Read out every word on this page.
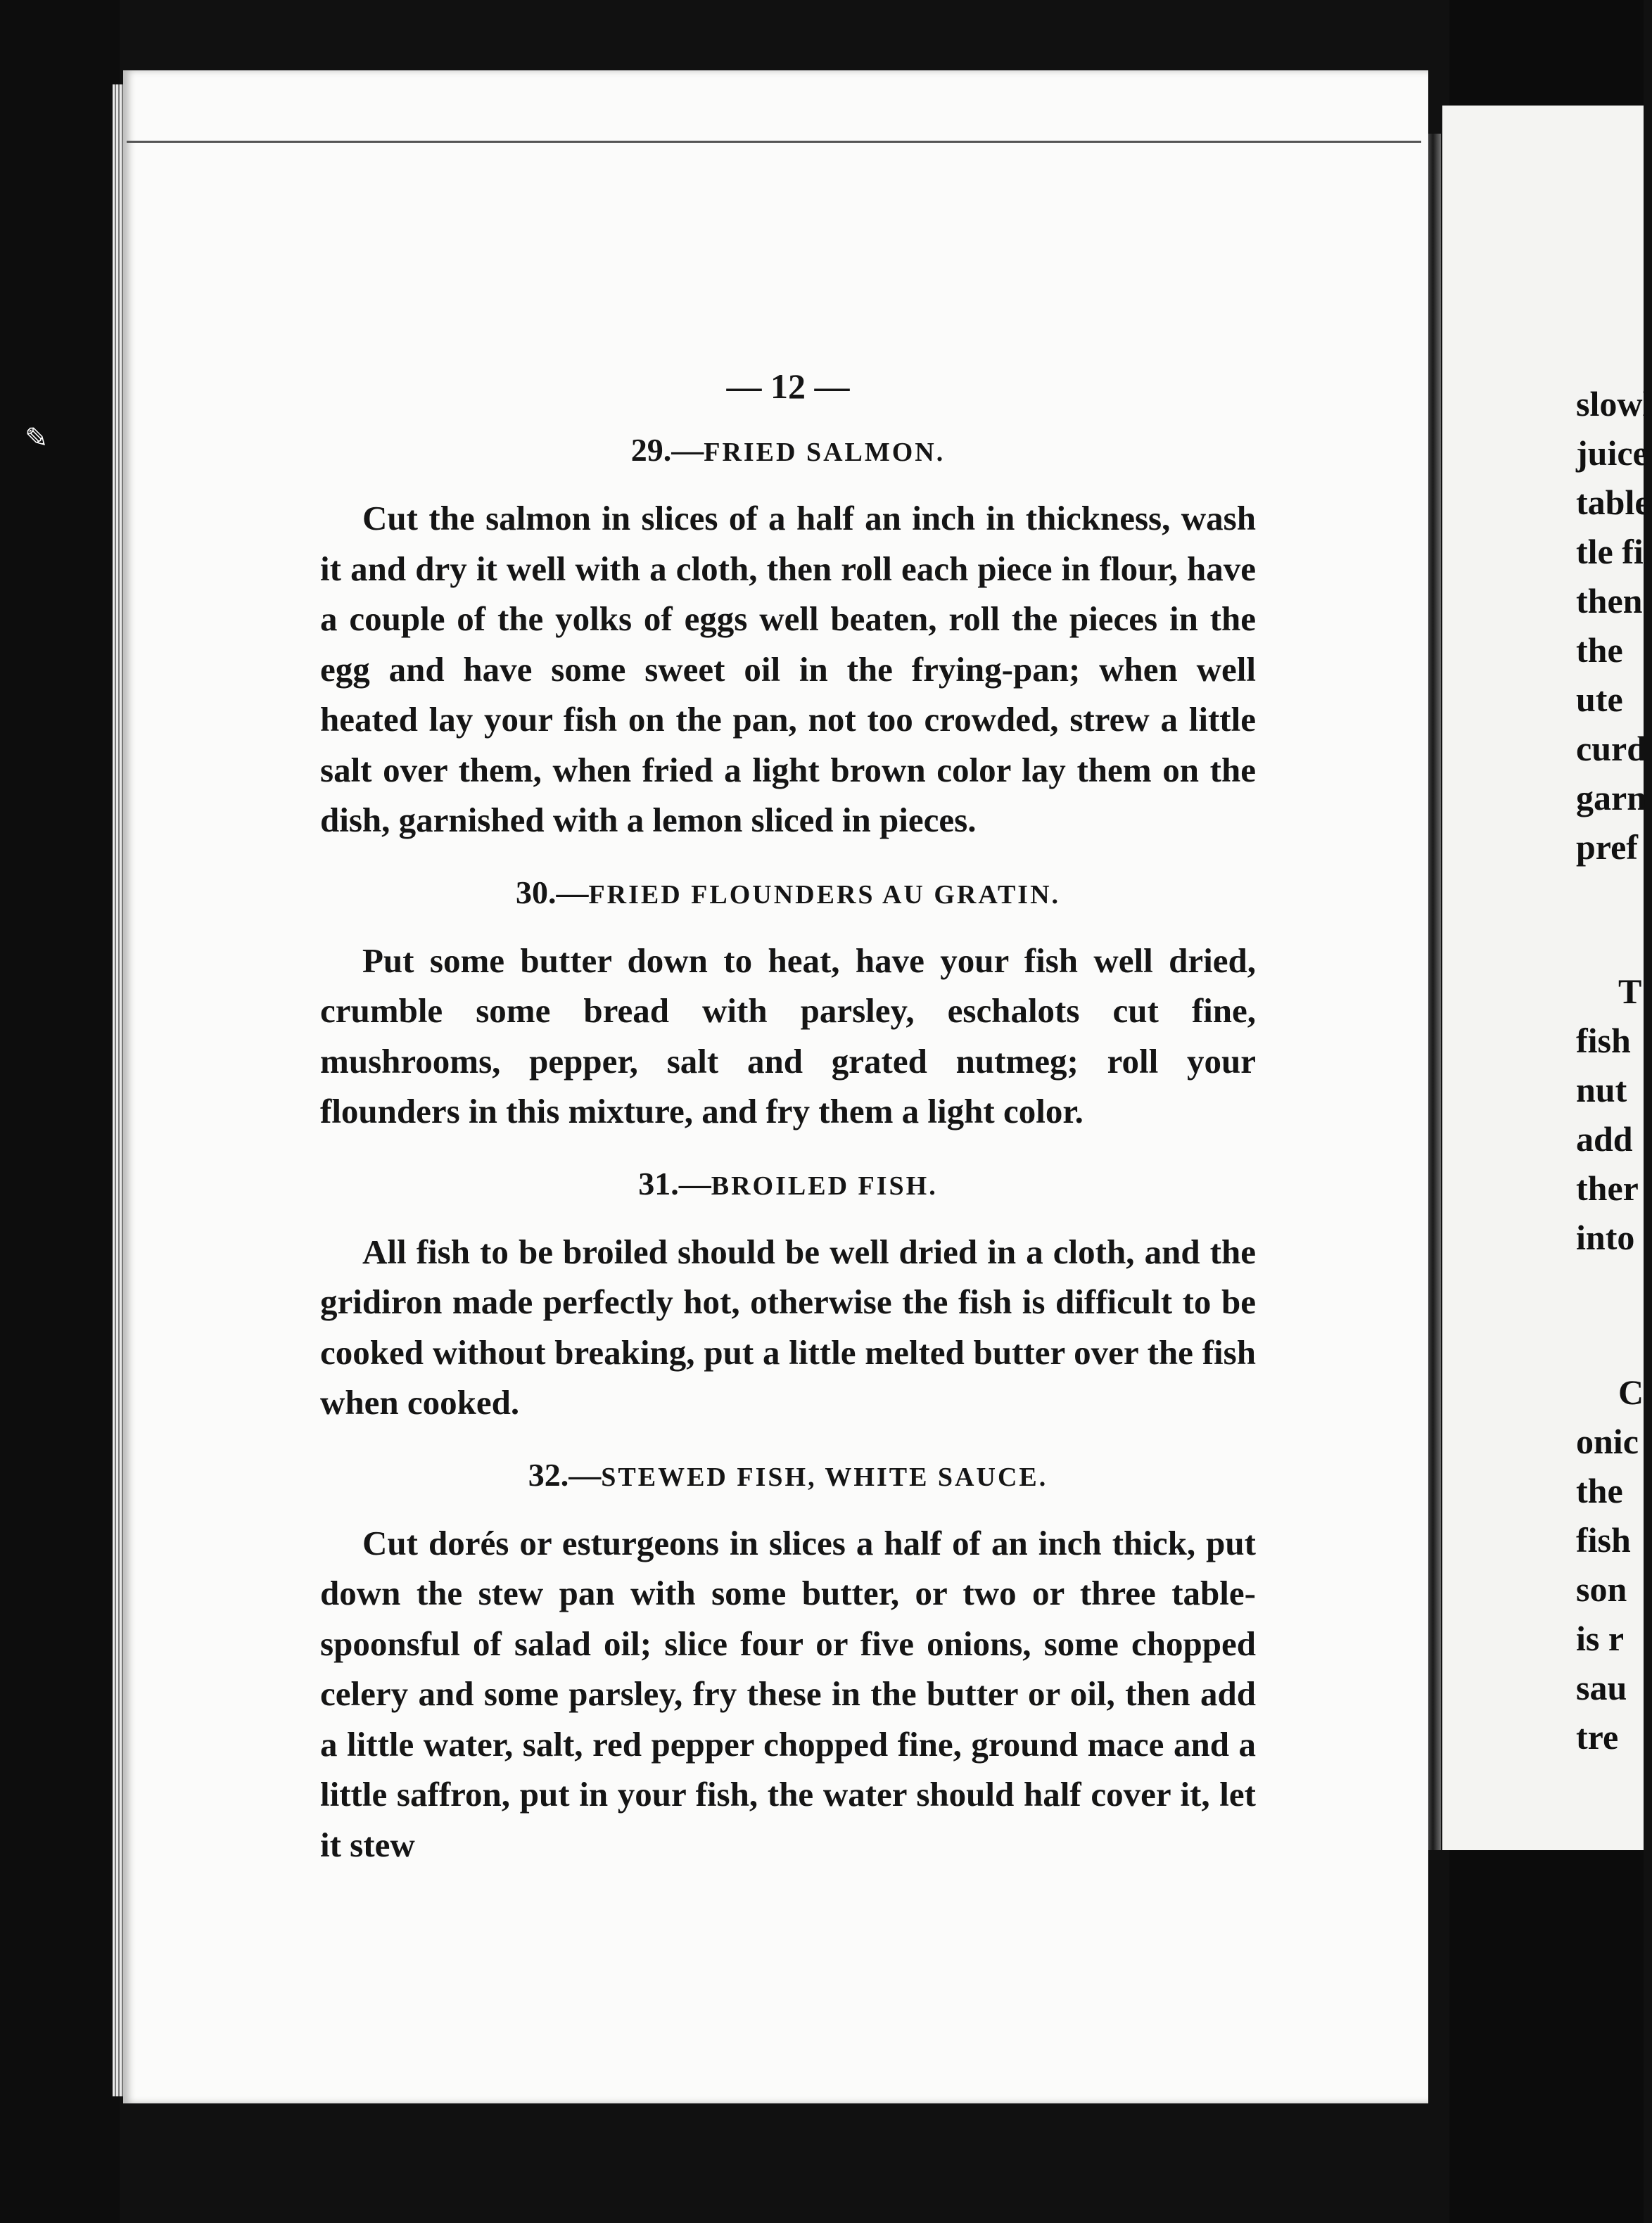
slowl
juice
table
tle fi
then
the
ute
curd
garn
pref
T
fish
nut
add
ther
into
C
onic
the
fish
son
is r
sau
tre
✎
— 12 —
29.—FRIED SALMON.

Cut the salmon in slices of a half an inch in thickness, wash it and dry it well with a cloth, then roll each piece in flour, have a couple of the yolks of eggs well beaten, roll the pieces in the egg and have some sweet oil in the frying-pan; when well heated lay your fish on the pan, not too crowded, strew a little salt over them, when fried a light brown color lay them on the dish, garnished with a lemon sliced in pieces.

30.—FRIED FLOUNDERS AU GRATIN.

Put some butter down to heat, have your fish well dried, crumble some bread with parsley, eschalots cut fine, mushrooms, pepper, salt and grated nutmeg; roll your flounders in this mixture, and fry them a light color.

31.—BROILED FISH.

All fish to be broiled should be well dried in a cloth, and the gridiron made perfectly hot, otherwise the fish is difficult to be cooked without breaking, put a little melted butter over the fish when cooked.

32.—STEWED FISH, WHITE SAUCE.

Cut dorés or esturgeons in slices a half of an inch thick, put down the stew pan with some butter, or two or three table-spoonsful of salad oil; slice four or five onions, some chopped celery and some parsley, fry these in the butter or oil, then add a little water, salt, red pepper chopped fine, ground mace and a little saffron, put in your fish, the water should half cover it, let it stew
